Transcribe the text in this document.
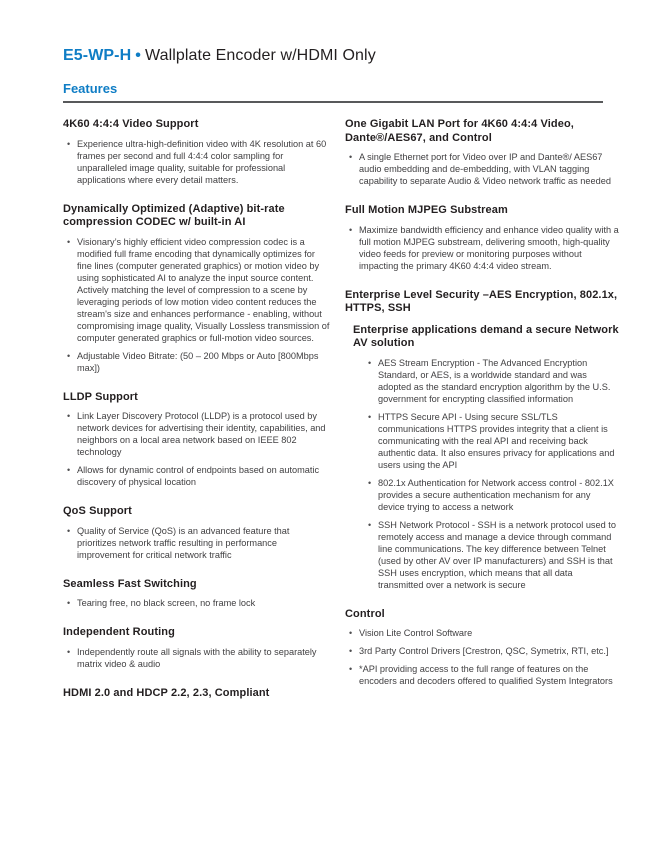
E5-WP-H • Wallplate Encoder w/HDMI Only
Features
4K60 4:4:4 Video Support
• Experience ultra-high-definition video with 4K resolution at 60 frames per second and full 4:4:4 color sampling for unparalleled image quality, suitable for professional applications where every detail matters.
Dynamically Optimized (Adaptive) bit-rate compression CODEC w/ built-in AI
• Visionary’s highly efficient video compression codec is a modified full frame encoding that dynamically optimizes for fine lines (computer generated graphics) or motion video by using sophisticated AI to analyze the input source content. Actively matching the level of compression to a scene by leveraging periods of low motion video content reduces the stream's size and enhances performance - enabling, without compromising image quality, Visually Lossless transmission of computer generated graphics or full-motion video sources.
• Adjustable Video Bitrate: (50 – 200 Mbps or Auto [800Mbps max])
LLDP Support
• Link Layer Discovery Protocol (LLDP) is a protocol used by network devices for advertising their identity, capabilities, and neighbors on a local area network based on IEEE 802 technology
• Allows for dynamic control of endpoints based on automatic discovery of physical location
QoS Support
• Quality of Service (QoS) is an advanced feature that prioritizes network traffic resulting in performance improvement for critical network traffic
Seamless Fast Switching
• Tearing free, no black screen, no frame lock
Independent Routing
• Independently route all signals with the ability to separately matrix video & audio
HDMI 2.0 and HDCP 2.2, 2.3, Compliant
One Gigabit LAN Port for 4K60 4:4:4 Video, Dante®/AES67, and Control
• A single Ethernet port for Video over IP and Dante®/ AES67 audio embedding and de-embedding, with VLAN tagging capability to separate Audio & Video network traffic as needed
Full Motion MJPEG Substream
• Maximize bandwidth efficiency and enhance video quality with a full motion MJPEG substream, delivering smooth, high-quality video feeds for preview or monitoring purposes without impacting the primary 4K60 4:4:4 video stream.
Enterprise Level Security –AES Encryption, 802.1x, HTTPS, SSH
Enterprise applications demand a secure Network AV solution
• AES Stream Encryption - The Advanced Encryption Standard, or AES, is a worldwide standard and was adopted as the standard encryption algorithm by the U.S. government for encrypting classified information
• HTTPS Secure API - Using secure SSL/TLS communications HTTPS provides integrity that a client is communicating with the real API and receiving back authentic data. It also ensures privacy for applications and users using the API
• 802.1x Authentication for Network access control - 802.1X provides a secure authentication mechanism for any device trying to access a network
• SSH Network Protocol - SSH is a network protocol used to remotely access and manage a device through command line communications. The key difference between Telnet (used by other AV over IP manufacturers) and SSH is that SSH uses encryption, which means that all data transmitted over a network is secure
Control
• Vision Lite Control Software
• 3rd Party Control Drivers [Crestron, QSC, Symetrix, RTI, etc.]
• *API providing access to the full range of features on the encoders and decoders offered to qualified System Integrators
